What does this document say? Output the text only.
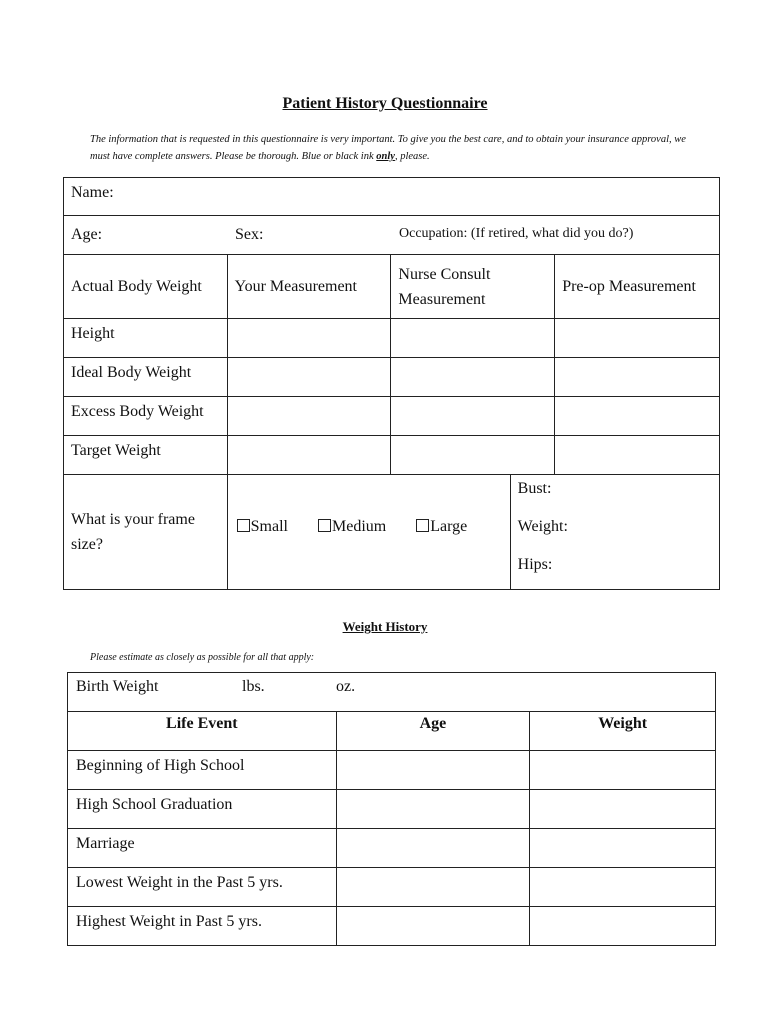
Patient History Questionnaire
The information that is requested in this questionnaire is very important. To give you the best care, and to obtain your insurance approval, we must have complete answers. Please be thorough. Blue or black ink only, please.
Name:			

Age: Sex: Occupation: (If retired, what did you do?)			

Actual Body Weight	Your Measurement	Nurse Consult Measurement	Pre-op Measurement
Height			
Ideal Body Weight			
Excess Body Weight			
Target Weight			
What is your frame size?	Small Medium Large
Bust:
Weight:
Hips:		
Weight History
Please estimate as closely as possible for all that apply:
Birth Weight lbs. oz.		

Life Event	Age	Weight
Beginning of High School		
High School Graduation		
Marriage		
Lowest Weight in the Past 5 yrs.		
Highest Weight in Past 5 yrs.		
